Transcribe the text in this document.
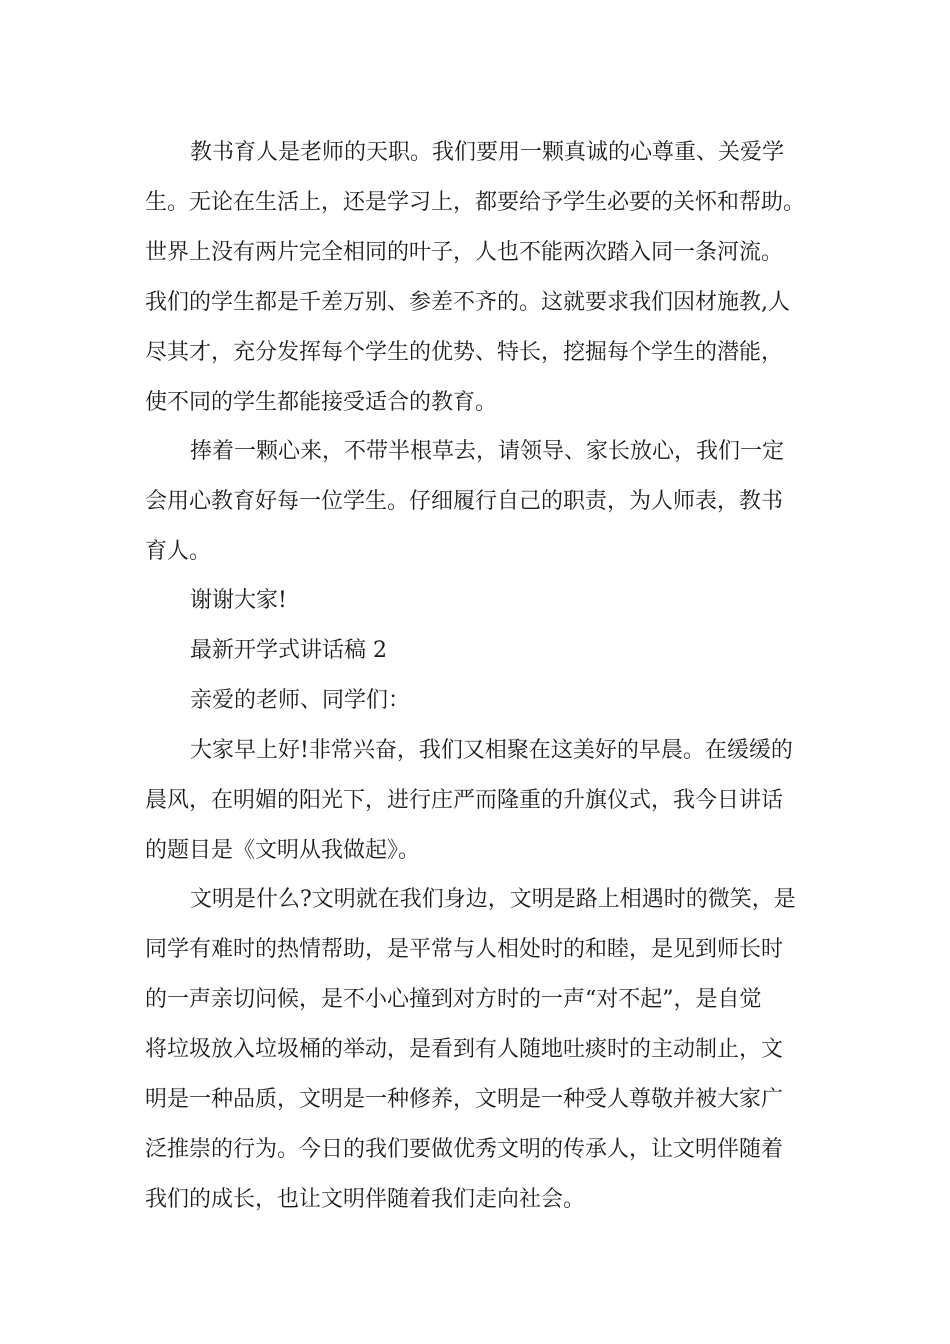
教书育人是老师的天职。我们要用一颗真诚的心尊重、关爱学
生。无论在生活上，还是学习上，都要给予学生必要的关怀和帮助。
世界上没有两片完全相同的叶子，人也不能两次踏入同一条河流。
我们的学生都是千差万别、参差不齐的。这就要求我们因材施教,人
尽其才，充分发挥每个学生的优势、特长，挖掘每个学生的潜能，
使不同的学生都能接受适合的教育。
捧着一颗心来，不带半根草去，请领导、家长放心，我们一定
会用心教育好每一位学生。仔细履行自己的职责，为人师表，教书
育人。
谢谢大家!
最新开学式讲话稿 2
亲爱的老师、同学们：
大家早上好!非常兴奋，我们又相聚在这美好的早晨。在缓缓的
晨风，在明媚的阳光下，进行庄严而隆重的升旗仪式，我今日讲话
的题目是《文明从我做起》。
文明是什么?文明就在我们身边，文明是路上相遇时的微笑，是
同学有难时的热情帮助，是平常与人相处时的和睦，是见到师长时
的一声亲切问候，是不小心撞到对方时的一声“对不起”，是自觉
将垃圾放入垃圾桶的举动，是看到有人随地吐痰时的主动制止，文
明是一种品质，文明是一种修养，文明是一种受人尊敬并被大家广
泛推崇的行为。今日的我们要做优秀文明的传承人，让文明伴随着
我们的成长，也让文明伴随着我们走向社会。
